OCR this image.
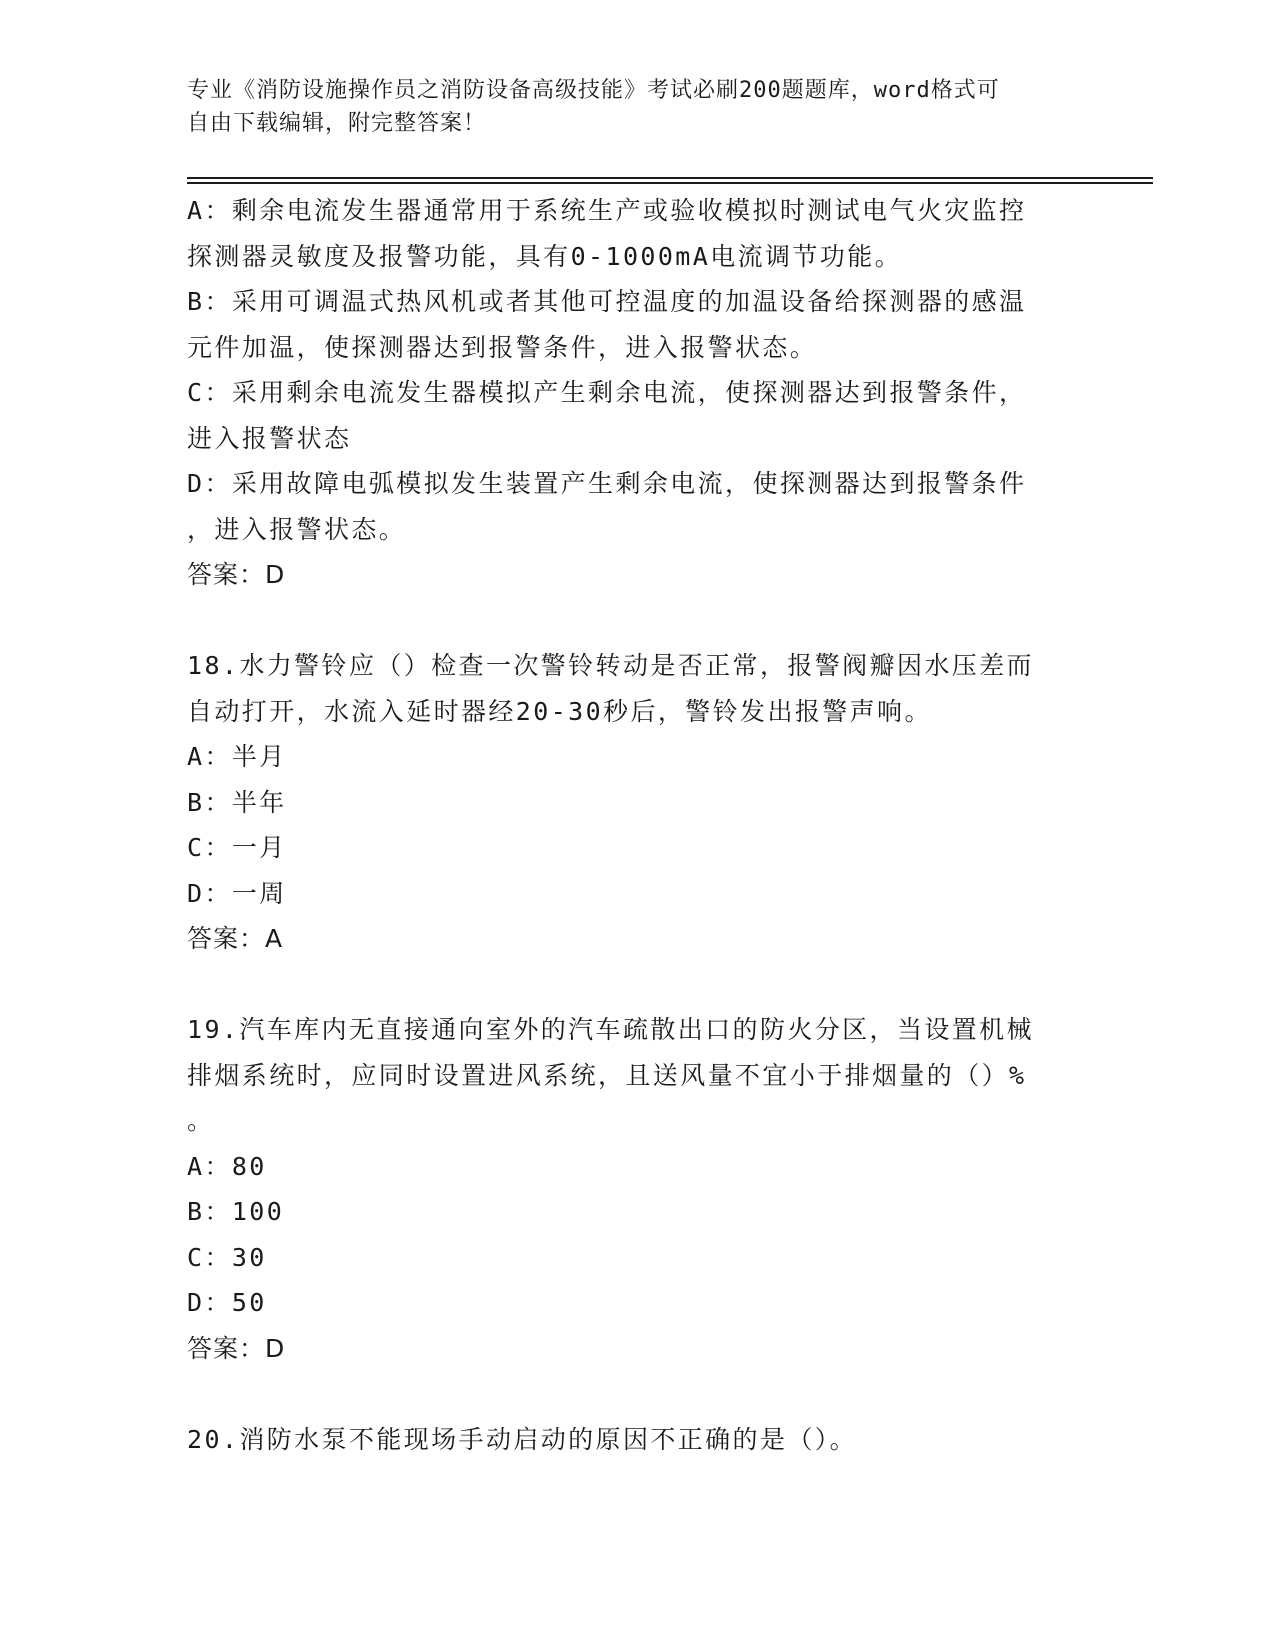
专业《消防设施操作员之消防设备高级技能》考试必刷200题题库，word格式可
自由下载编辑，附完整答案！
A：剩余电流发生器通常用于系统生产或验收模拟时测试电气火灾监控
探测器灵敏度及报警功能，具有0-1000mA电流调节功能。
B：采用可调温式热风机或者其他可控温度的加温设备给探测器的感温
元件加温，使探测器达到报警条件，进入报警状态。
C：采用剩余电流发生器模拟产生剩余电流，使探测器达到报警条件，
进入报警状态
D：采用故障电弧模拟发生装置产生剩余电流，使探测器达到报警条件
，进入报警状态。
答案：D
18.水力警铃应（）检查一次警铃转动是否正常，报警阀瓣因水压差而
自动打开，水流入延时器经20-30秒后，警铃发出报警声响。
A：半月
B：半年
C：一月
D：一周
答案：A
19.汽车库内无直接通向室外的汽车疏散出口的防火分区，当设置机械
排烟系统时，应同时设置进风系统，且送风量不宜小于排烟量的（）%
。
A：80
B：100
C：30
D：50
答案：D
20.消防水泵不能现场手动启动的原因不正确的是（）。
